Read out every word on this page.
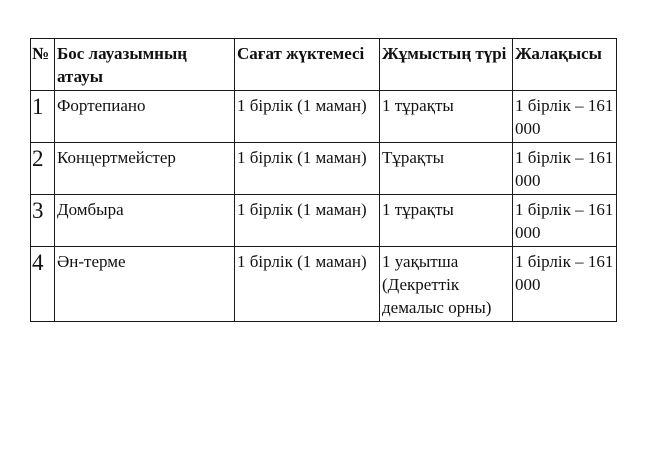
№	Бос лауазымның атауы	Сағат жүктемесі	Жұмыстың түрі	Жалақысы
1	Фортепиано	1 бірлік (1 маман)	1 тұрақты	1 бірлік – 161 000
2	Концертмейстер	1 бірлік (1 маман)	Тұрақты	1 бірлік – 161 000
3	Домбыра	1 бірлік (1 маман)	1 тұрақты	1 бірлік – 161 000
4	Ән-терме	1 бірлік (1 маман)	1 уақытша (Декреттік демалыс орны)	1 бірлік – 161 000
